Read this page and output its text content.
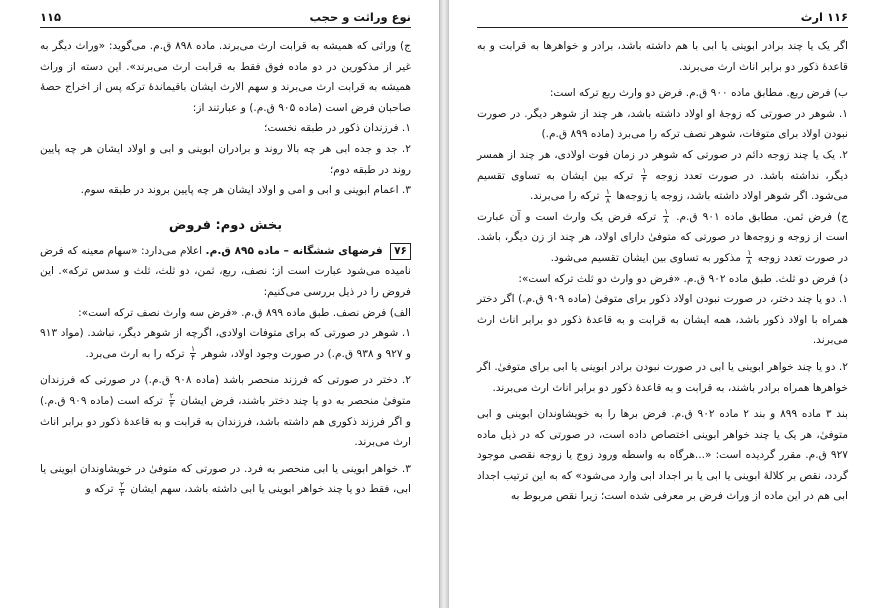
نوع وراثت و حجب
۱۱۵

ج) وراثی که همیشه به قرابت ارث می‌برند. ماده ۸۹۸ ق.م. می‌گوید: «وراث دیگر به غیر از مذکورین در دو ماده فوق فقط به قرابت ارث می‌برند». این دسته از وراث همیشه به قرابت ارث می‌برند و سهم الارث ایشان باقیماندهٔ ترکه پس از اخراج حصهٔ صاحبان فرض است (ماده ۹۰۵ ق.م.) و عبارتند از:

۱. فرزندان ذکور در طبقه نخست؛

۲. جد و جده ابی هر چه بالا روند و برادران ابوینی و ابی و اولاد ایشان هر چه پایین روند در طبقه دوم؛

۳. اعمام ابوینی و ابی و امی و اولاد ایشان هر چه پایین بروند در طبقه سوم.

بخش دوم: فروض

۷۶ فرضهای ششگانه – ماده ۸۹۵ ق.م. اعلام می‌دارد: «سهام معینه که فرض نامیده می‌شود عبارت است از: نصف، ربع، ثمن، دو ثلث، ثلث و سدس ترکه». این فروض را در ذیل بررسی می‌کنیم:

الف) فرض نصف. طبق ماده ۸۹۹ ق.م. «فرض سه وارث نصف ترکه است»:

۱. شوهر در صورتی که برای متوفات اولادی، اگرچه از شوهر دیگر، نباشد. (مواد ۹۱۳ و ۹۲۷ و ۹۳۸ ق.م.) در صورت وجود اولاد، شوهر
$\frac{۱}{۴}$
ترکه را به ارث می‌برد.

۲. دختر در صورتی که فرزند منحصر باشد (ماده ۹۰۸ ق.م.) در صورتی که فرزندان متوفیٰ منحصر به دو یا چند دختر باشند، فرض ایشان
$\frac{۲}{۳}$
ترکه است (ماده ۹۰۹ ق.م.) و اگر فرزند ذکوری هم داشته باشد، فرزندان به قرابت و به قاعدهٔ ذکور دو برابر اناث ارث می‌برند.

۳. خواهر ابوینی یا ابی منحصر به فرد. در صورتی که متوفیٰ در خویشاوندان ابوینی یا ابی، فقط دو یا چند خواهر ابوینی یا ابی داشته باشد، سهم ایشان
$\frac{۲}{۳}$
ترکه و

۱۱۶ ارث

اگر یک یا چند برادر ابوینی یا ابی با هم داشته باشد، برادر و خواهرها به قرابت و به قاعدهٔ ذکور دو برابر اناث ارث می‌برند.

ب) فرض ربع. مطابق ماده ۹۰۰ ق.م. فرض دو وارث ربع ترکه است:

۱. شوهر در صورتی که زوجهٔ او اولاد داشته باشد، هر چند از شوهر دیگر. در صورت نبودن اولاد برای متوفات، شوهر نصف ترکه را می‌برد (ماده ۸۹۹ ق.م.)

۲. یک یا چند زوجه دائم در صورتی که شوهر در زمان فوت اولادی، هر چند از همسر دیگر، نداشته باشد. در صورت تعدد زوجه
$\frac{۱}{۴}$
ترکه بین ایشان به تساوی تقسیم می‌شود. اگر شوهر اولاد داشته باشد، زوجه یا زوجه‌ها
$\frac{۱}{۸}$
ترکه را می‌برند.

ج) فرض ثمن. مطابق ماده ۹۰۱ ق.م.
$\frac{۱}{۸}$
ترکه فرض یک وارث است و آن عبارت است از زوجه و زوجه‌ها در صورتی که متوفیٰ دارای اولاد، هر چند از زن دیگر، باشد. در صورت تعدد زوجه
$\frac{۱}{۸}$
مذکور به تساوی بین ایشان تقسیم می‌شود.

د) فرض دو ثلث. طبق ماده ۹۰۲ ق.م. «فرض دو وارث دو ثلث ترکه است»:

۱. دو یا چند دختر، در صورت نبودن اولاد ذکور برای متوفیٰ (ماده ۹۰۹ ق.م.) اگر دختر همراه با اولاد ذکور باشد، همه ایشان به قرابت و به قاعدهٔ ذکور دو برابر اناث ارث می‌برند.

۲. دو یا چند خواهر ابوینی یا ابی در صورت نبودن برادر ابوینی یا ابی برای متوفیٰ. اگر خواهرها همراه برادر باشند، به قرابت و به قاعدهٔ ذکور دو برابر اناث ارث می‌برند.

بند ۳ ماده ۸۹۹ و بند ۲ ماده ۹۰۲ ق.م. فرض برها را به خویشاوندان ابوینی و ابی متوفیٰ، هر یک یا چند خواهر ابوینی اختصاص داده است، در صورتی که در ذیل ماده ۹۲۷ ق.م. مقرر گردیده است: «...هرگاه به واسطه ورود زوج یا زوجه نقصی موجود گردد، نقص بر کلالهٔ ابوینی یا ابی یا بر اجداد ابی وارد می‌شود» که به این ترتیب اجداد ابی هم در این ماده از وراث فرض بر معرفی شده است؛ زیرا نقص مربوط به
